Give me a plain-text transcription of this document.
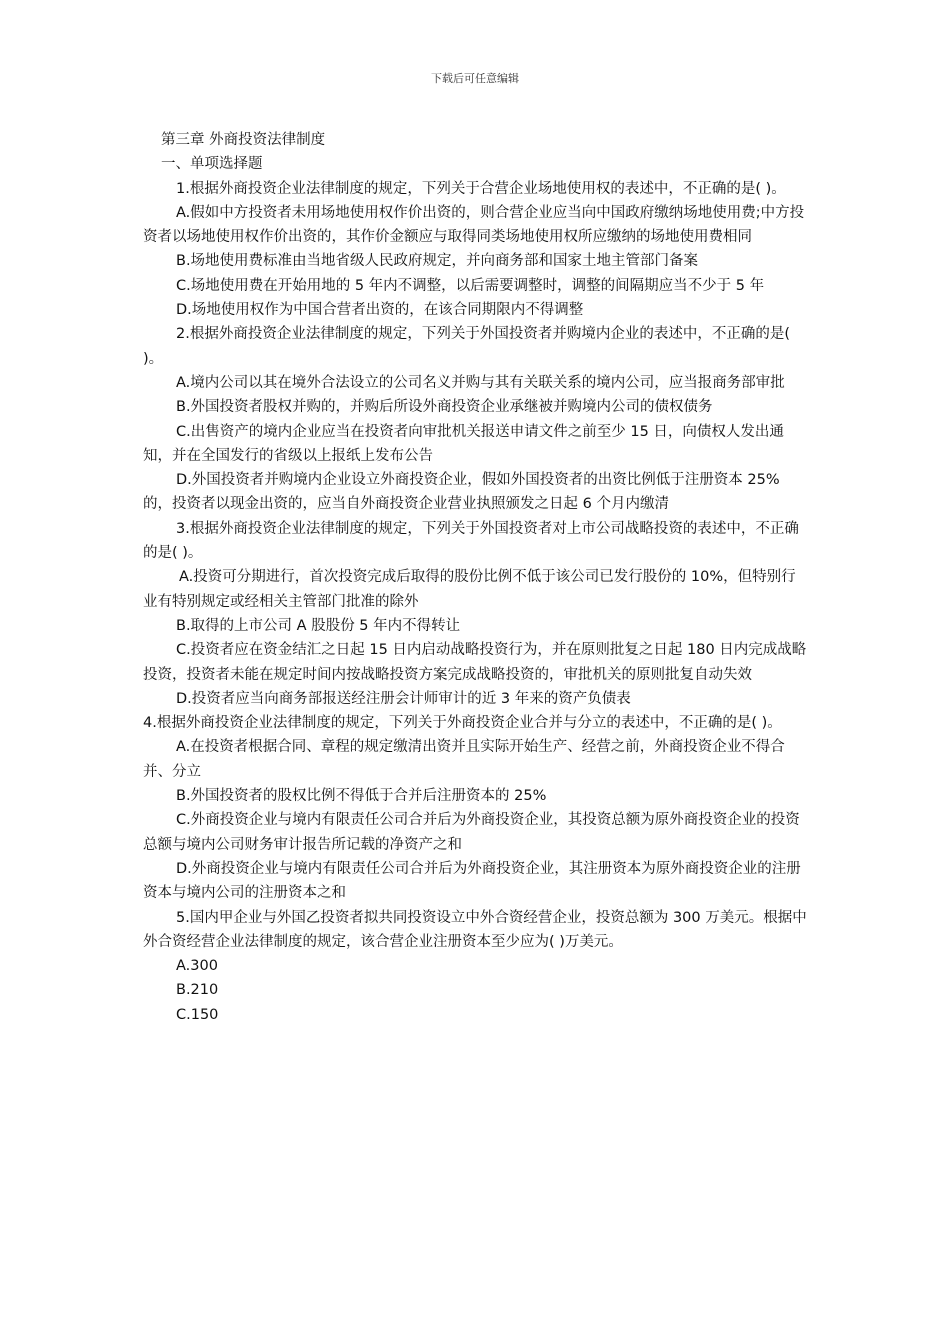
下载后可任意编辑

第三章 外商投资法律制度

一、单项选择题

1.根据外商投资企业法律制度的规定，下列关于合营企业场地使用权的表述中，不正确的是( )。

A.假如中方投资者未用场地使用权作价出资的，则合营企业应当向中国政府缴纳场地使用费;中方投资者以场地使用权作价出资的，其作价金额应与取得同类场地使用权所应缴纳的场地使用费相同

B.场地使用费标准由当地省级人民政府规定，并向商务部和国家土地主管部门备案

C.场地使用费在开始用地的 5 年内不调整，以后需要调整时，调整的间隔期应当不少于 5 年

D.场地使用权作为中国合营者出资的，在该合同期限内不得调整

2.根据外商投资企业法律制度的规定，下列关于外国投资者并购境内企业的表述中，不正确的是( )。

A.境内公司以其在境外合法设立的公司名义并购与其有关联关系的境内公司，应当报商务部审批

B.外国投资者股权并购的，并购后所设外商投资企业承继被并购境内公司的债权债务

C.出售资产的境内企业应当在投资者向审批机关报送申请文件之前至少 15 日，向债权人发出通知，并在全国发行的省级以上报纸上发布公告

D.外国投资者并购境内企业设立外商投资企业，假如外国投资者的出资比例低于注册资本 25%的，投资者以现金出资的，应当自外商投资企业营业执照颁发之日起 6 个月内缴清

3.根据外商投资企业法律制度的规定，下列关于外国投资者对上市公司战略投资的表述中，不正确的是( )。

A.投资可分期进行，首次投资完成后取得的股份比例不低于该公司已发行股份的 10%，但特别行业有特别规定或经相关主管部门批准的除外

B.取得的上市公司 A 股股份 5 年内不得转让

C.投资者应在资金结汇之日起 15 日内启动战略投资行为，并在原则批复之日起 180 日内完成战略投资，投资者未能在规定时间内按战略投资方案完成战略投资的，审批机关的原则批复自动失效

D.投资者应当向商务部报送经注册会计师审计的近 3 年来的资产负债表

4.根据外商投资企业法律制度的规定，下列关于外商投资企业合并与分立的表述中，不正确的是( )。

A.在投资者根据合同、章程的规定缴清出资并且实际开始生产、经营之前，外商投资企业不得合并、分立

B.外国投资者的股权比例不得低于合并后注册资本的 25%

C.外商投资企业与境内有限责任公司合并后为外商投资企业，其投资总额为原外商投资企业的投资总额与境内公司财务审计报告所记载的净资产之和

D.外商投资企业与境内有限责任公司合并后为外商投资企业，其注册资本为原外商投资企业的注册资本与境内公司的注册资本之和

5.国内甲企业与外国乙投资者拟共同投资设立中外合资经营企业，投资总额为 300 万美元。根据中外合资经营企业法律制度的规定，该合营企业注册资本至少应为( )万美元。

A.300

B.210

C.150
